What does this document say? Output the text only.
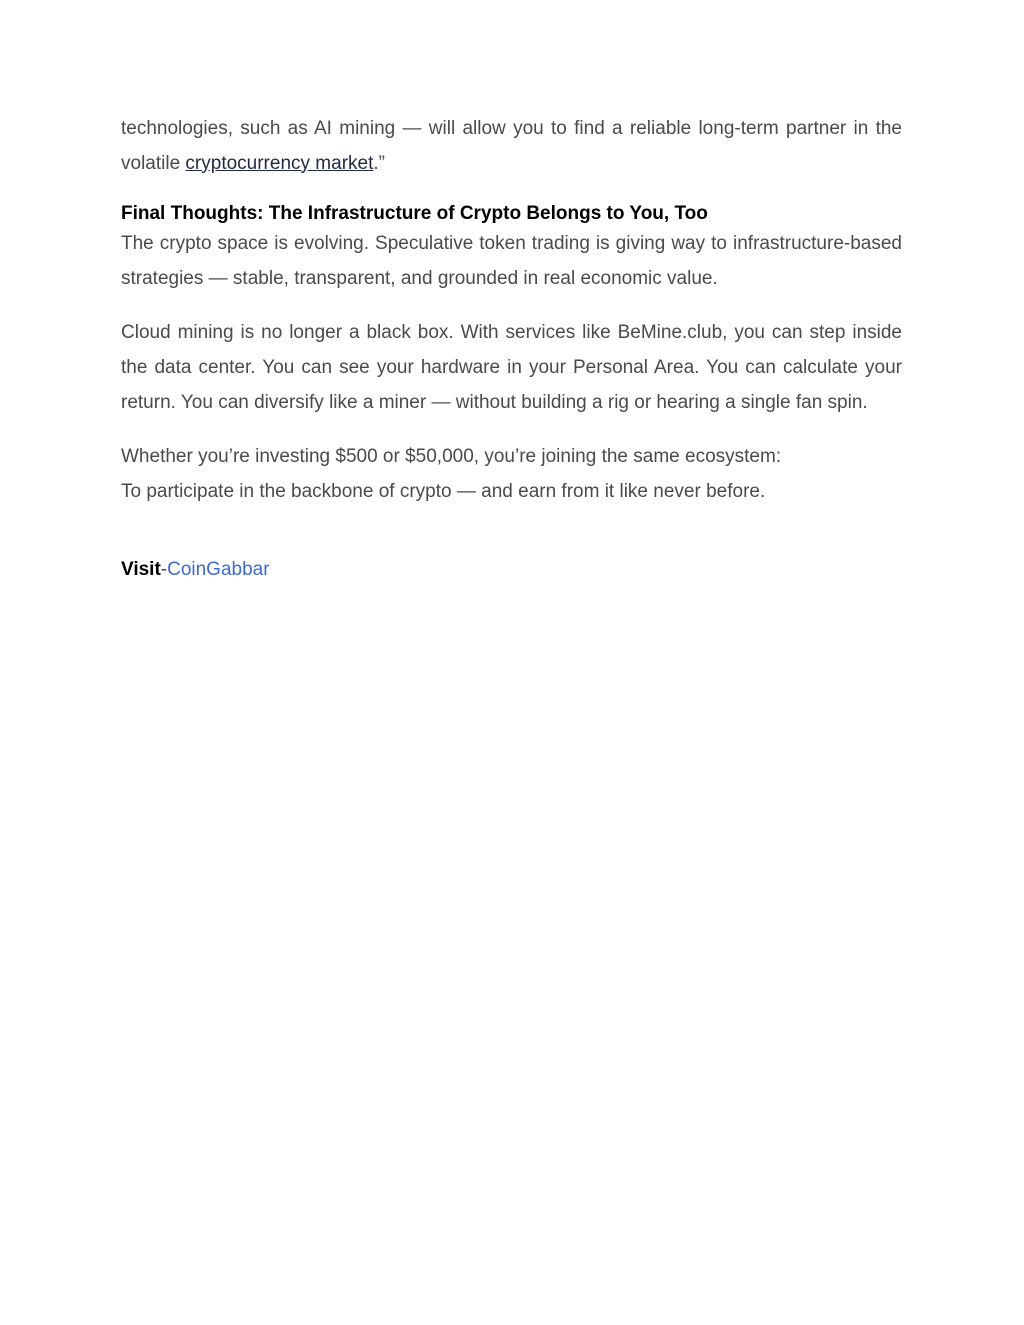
technologies, such as AI mining — will allow you to find a reliable long-term partner in the volatile cryptocurrency market.”

Final Thoughts: The Infrastructure of Crypto Belongs to You, Too

The crypto space is evolving. Speculative token trading is giving way to infrastructure-based strategies — stable, transparent, and grounded in real economic value.

Cloud mining is no longer a black box. With services like BeMine.club, you can step inside the data center. You can see your hardware in your Personal Area. You can calculate your return. You can diversify like a miner — without building a rig or hearing a single fan spin.

Whether you’re investing $500 or $50,000, you’re joining the same ecosystem:

To participate in the backbone of crypto — and earn from it like never before.

Visit-CoinGabbar
